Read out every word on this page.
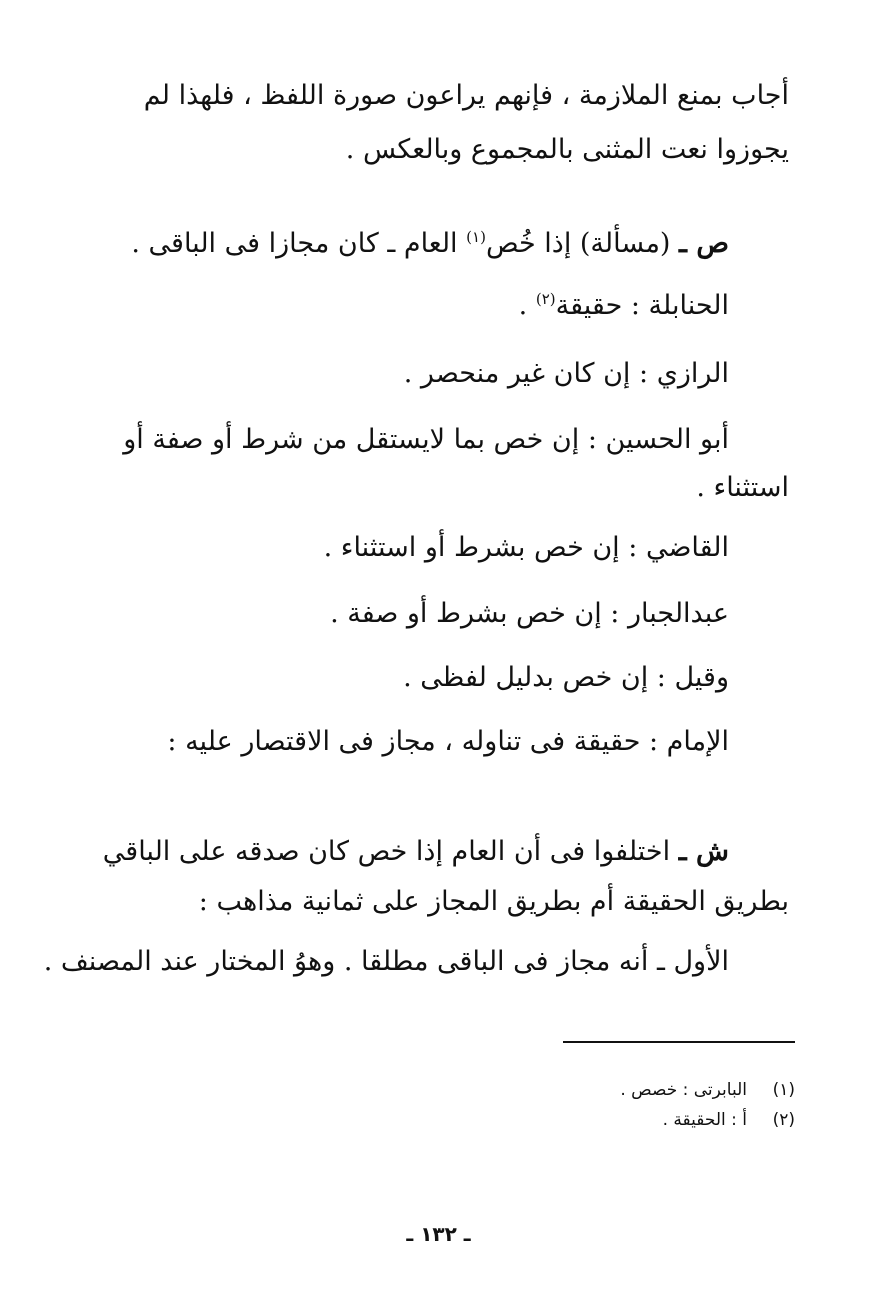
أجاب بمنع الملازمة ، فإنهم يراعون صورة اللفظ ، فلهذا لم
يجوزوا نعت المثنى بالمجموع وبالعكس .
ص ـ (مسألة) إذا خُص$^{(١)}$ العام ـ كان مجازا فى الباقى .
الحنابلة : حقيقة$^{(٢)}$ .
الرازي : إن كان غير منحصر .
أبو الحسين : إن خص بما لايستقل من شرط أو صفة أو
استثناء .
القاضي : إن خص بشرط أو استثناء .
عبدالجبار : إن خص بشرط أو صفة .
وقيل : إن خص بدليل لفظى .
الإمام : حقيقة فى تناوله ، مجاز فى الاقتصار عليه :
ش ـ اختلفوا فى أن العام إذا خص كان صدقه على الباقي
بطريق الحقيقة أم بطريق المجاز على ثمانية مذاهب :
الأول ـ أنه مجاز فى الباقى مطلقا . وهوُ المختار عند المصنف .
(١)البابرتى : خصص .
(٢)أ : الحقيقة .
ـ ١٣٢ ـ
